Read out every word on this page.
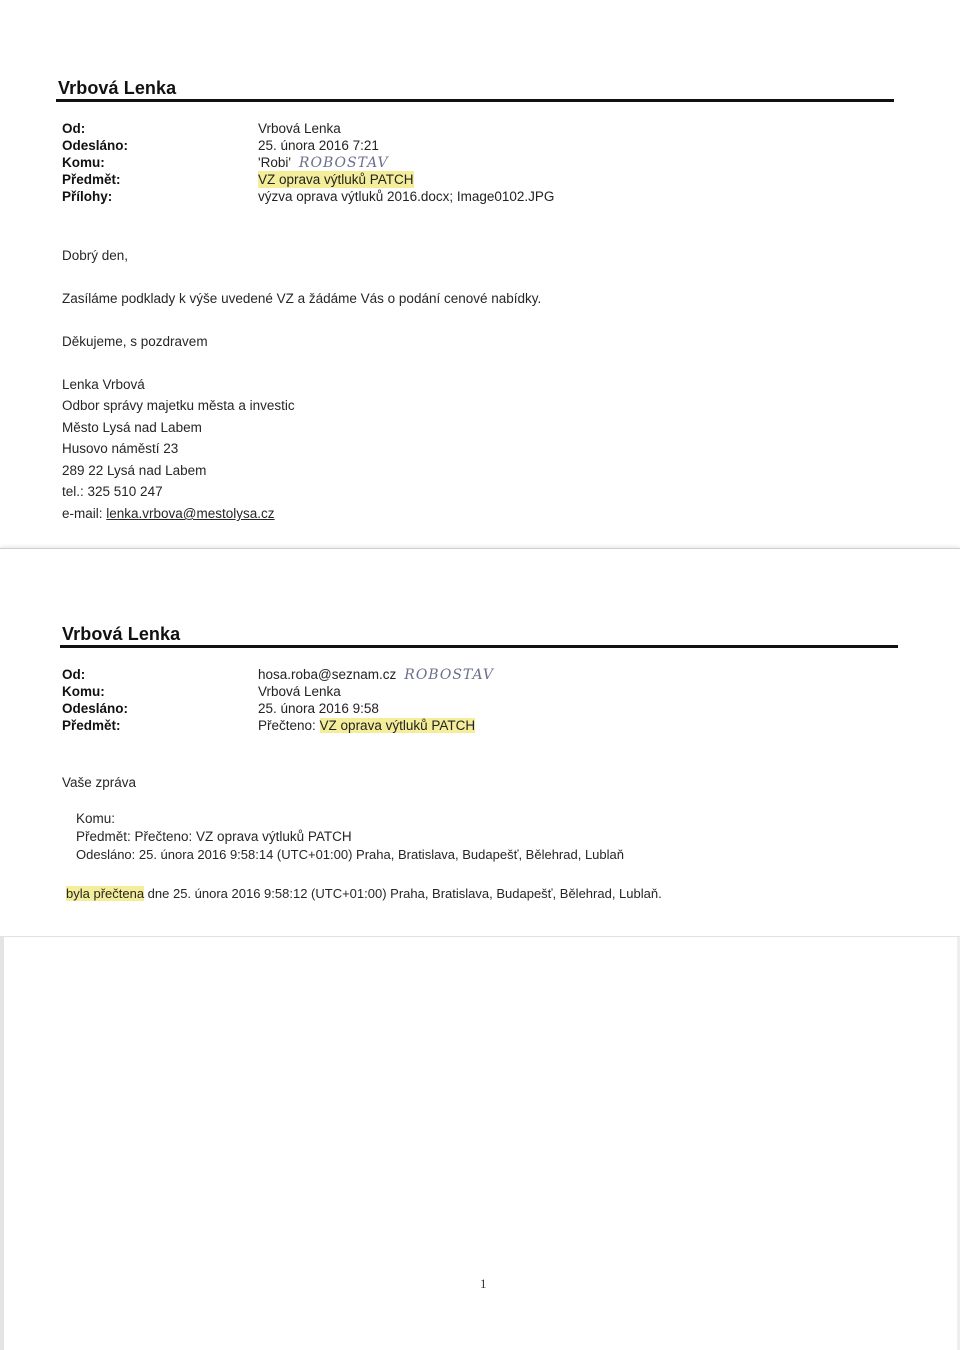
Vrbová Lenka
Od:	Vrbová Lenka
Odesláno:	25. února 2016 7:21
Komu:	'Robi' ROBOSTAV
Předmět:	VZ oprava výtluků PATCH
Přílohy:	výzva oprava výtluků 2016.docx; Image0102.JPG
Dobrý den,
Zasíláme podklady k výše uvedené VZ a žádáme Vás o podání cenové nabídky.
Děkujeme, s pozdravem
Lenka Vrbová
Odbor správy majetku města a investic
Město Lysá nad Labem
Husovo náměstí 23
289 22 Lysá nad Labem
tel.: 325 510 247
e-mail: lenka.vrbova@mestolysa.cz
Vrbová Lenka
Od:	hosa.roba@seznam.cz ROBOSTAV
Komu:	Vrbová Lenka
Odesláno:	25. února 2016 9:58
Předmět:	Přečteno: VZ oprava výtluků PATCH
Vaše zpráva
Komu:
Předmět: Přečteno: VZ oprava výtluků PATCH
Odesláno: 25. února 2016 9:58:14 (UTC+01:00) Praha, Bratislava, Budapešť, Bělehrad, Lublaň
byla přečtena dne 25. února 2016 9:58:12 (UTC+01:00) Praha, Bratislava, Budapešť, Bělehrad, Lublaň.
1
